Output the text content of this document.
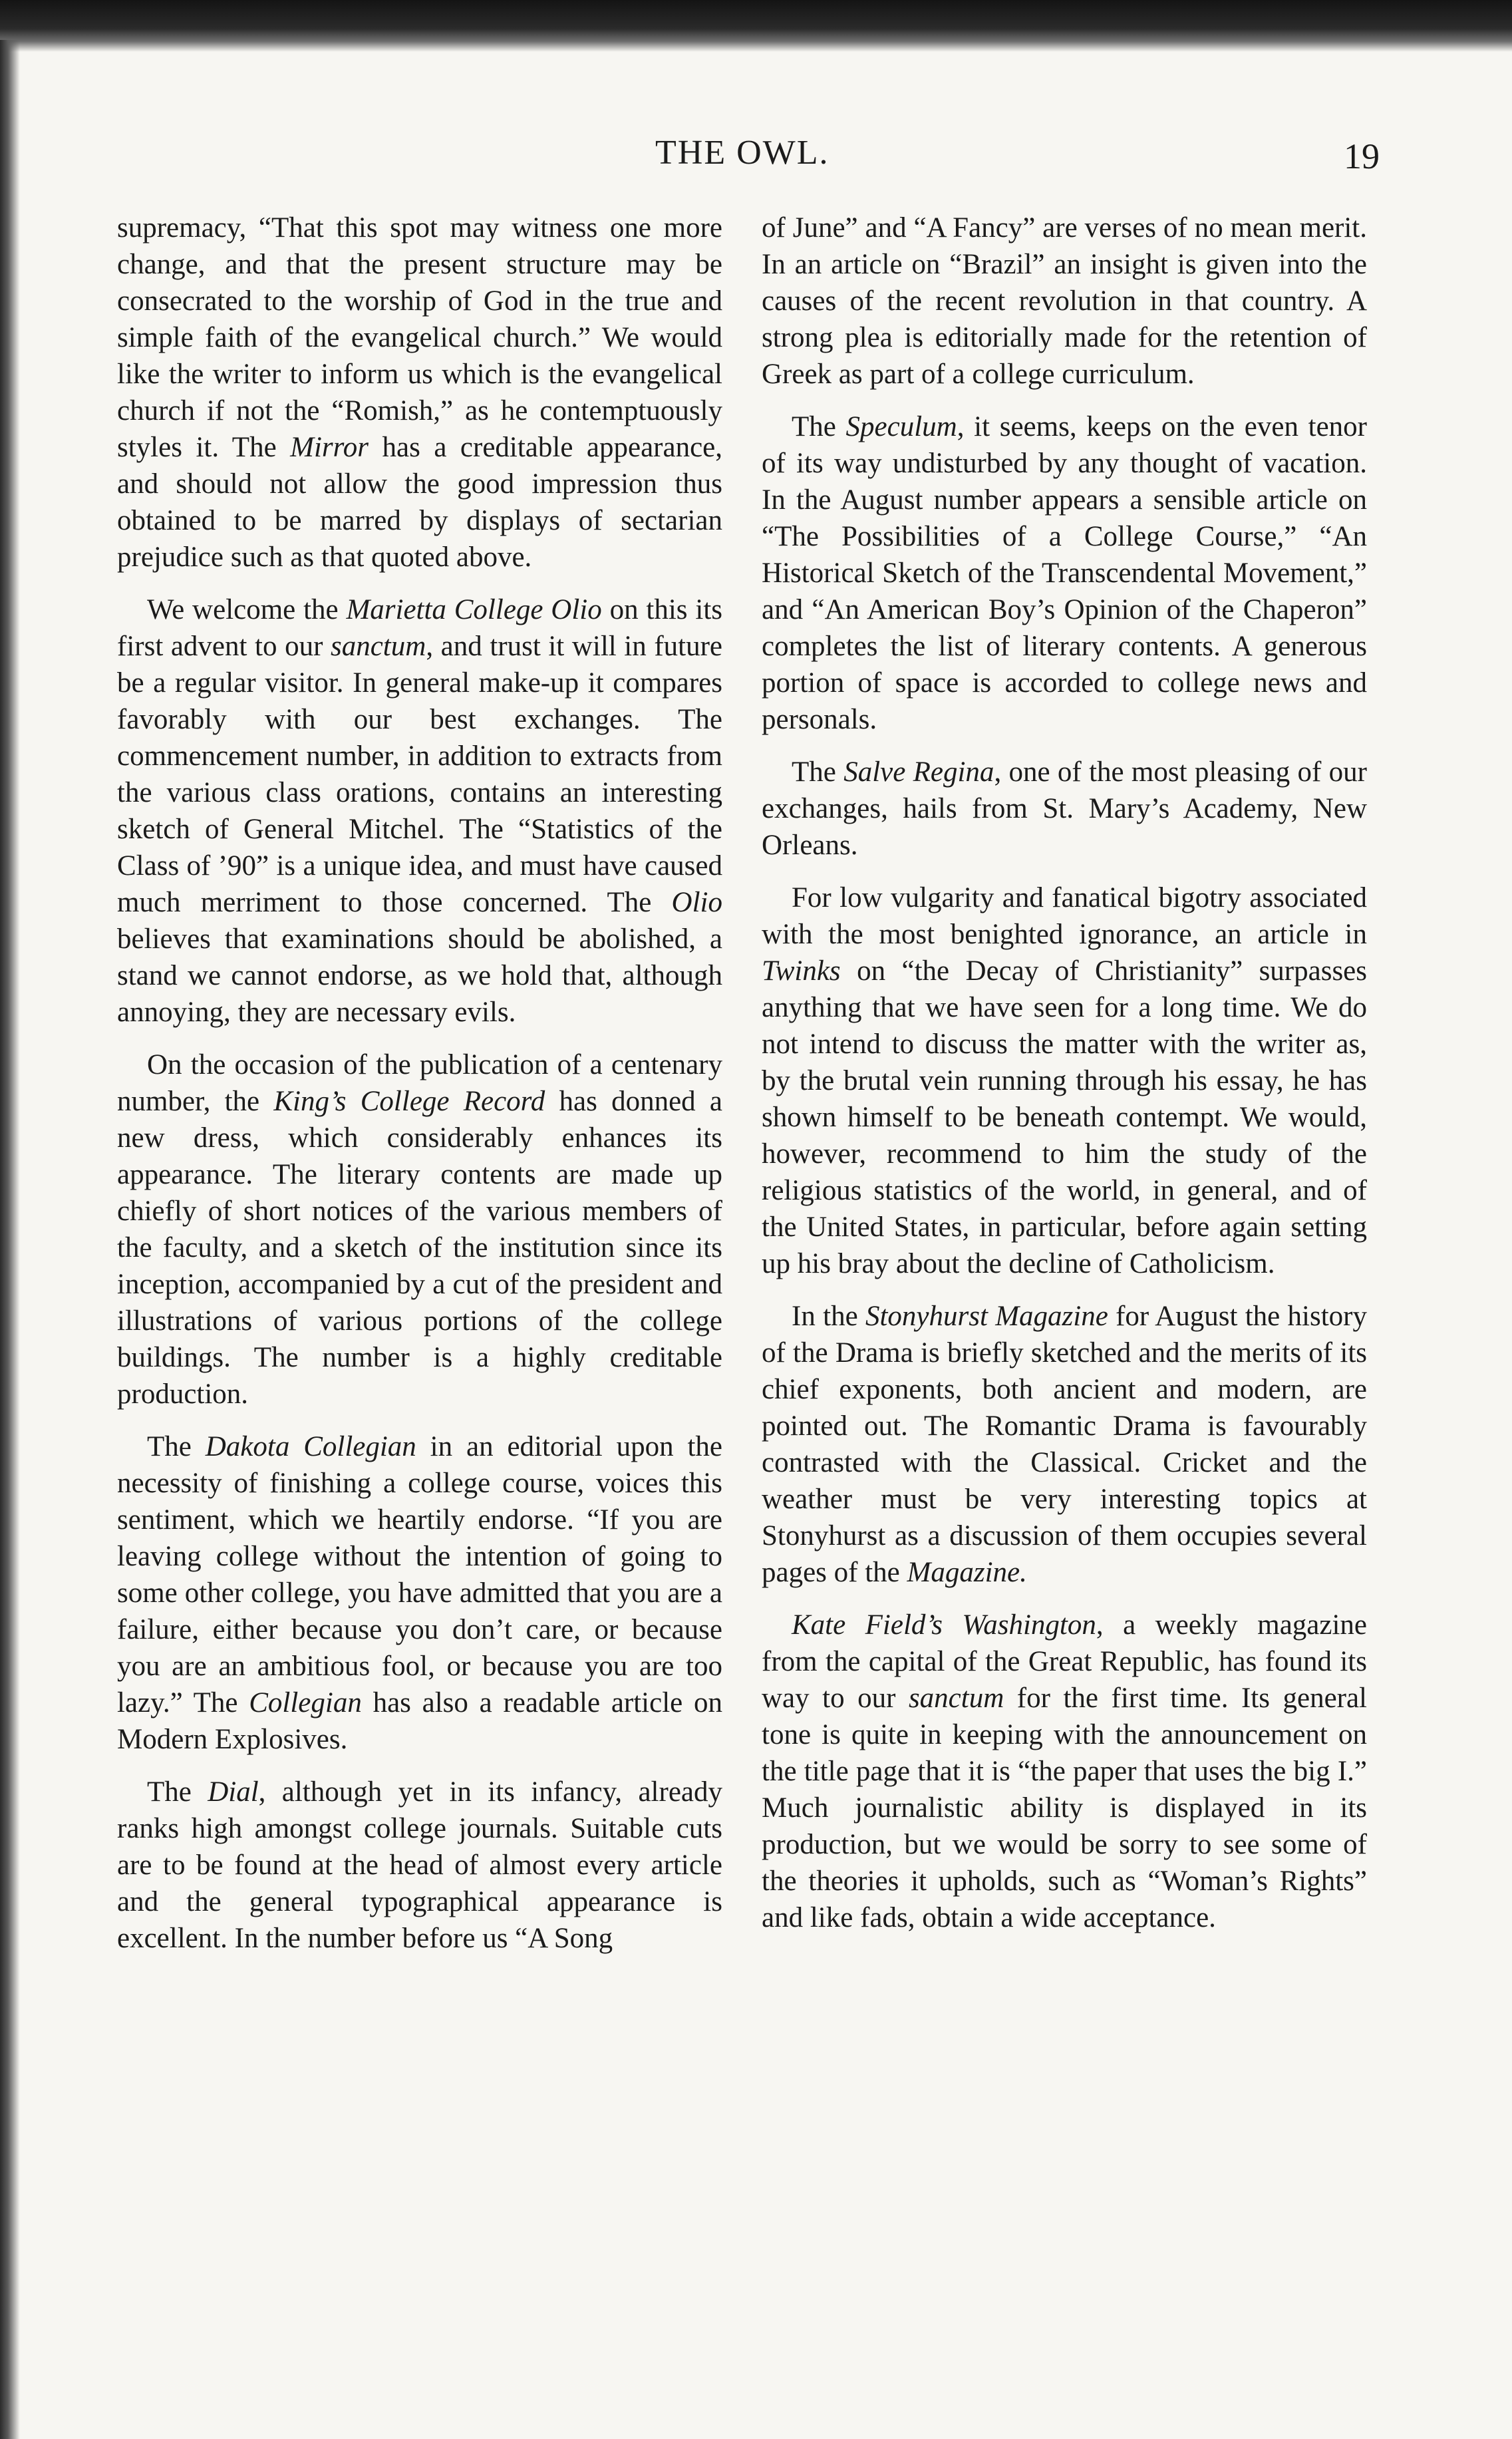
THE OWL.	19

supremacy, “That this spot may witness one more change, and that the present structure may be consecrated to the worship of God in the true and simple faith of the evangelical church.” We would like the writer to inform us which is the evangelical church if not the “Romish,” as he contemptuously styles it. The Mirror has a creditable appearance, and should not allow the good impression thus obtained to be marred by displays of sectarian prejudice such as that quoted above.

We welcome the Marietta College Olio on this its first advent to our sanctum, and trust it will in future be a regular visitor. In general make-up it compares favorably with our best exchanges. The commencement number, in addition to extracts from the various class orations, contains an interesting sketch of General Mitchel. The “Statistics of the Class of ’90” is a unique idea, and must have caused much merriment to those concerned. The Olio believes that examinations should be abolished, a stand we cannot endorse, as we hold that, although annoying, they are necessary evils.

On the occasion of the publication of a centenary number, the King’s College Record has donned a new dress, which considerably enhances its appearance. The literary contents are made up chiefly of short notices of the various members of the faculty, and a sketch of the institution since its inception, accompanied by a cut of the president and illustrations of various portions of the college buildings. The number is a highly creditable production.

The Dakota Collegian in an editorial upon the necessity of finishing a college course, voices this sentiment, which we heartily endorse. “If you are leaving college without the intention of going to some other college, you have admitted that you are a failure, either because you don’t care, or because you are an ambitious fool, or because you are too lazy.” The Collegian has also a readable article on Modern Explosives.

The Dial, although yet in its infancy, already ranks high amongst college journals. Suitable cuts are to be found at the head of almost every article and the general typographical appearance is excellent. In the number before us “A Song

of June” and “A Fancy” are verses of no mean merit. In an article on “Brazil” an insight is given into the causes of the recent revolution in that country. A strong plea is editorially made for the retention of Greek as part of a college curriculum.

The Speculum, it seems, keeps on the even tenor of its way undisturbed by any thought of vacation. In the August number appears a sensible article on “The Possibilities of a College Course,” “An Historical Sketch of the Transcendental Movement,” and “An American Boy’s Opinion of the Chaperon” completes the list of literary contents. A generous portion of space is accorded to college news and personals.

The Salve Regina, one of the most pleasing of our exchanges, hails from St. Mary’s Academy, New Orleans.

For low vulgarity and fanatical bigotry associated with the most benighted ignorance, an article in Twinks on “the Decay of Christianity” surpasses anything that we have seen for a long time. We do not intend to discuss the matter with the writer as, by the brutal vein running through his essay, he has shown himself to be beneath contempt. We would, however, recommend to him the study of the religious statistics of the world, in general, and of the United States, in particular, before again setting up his bray about the decline of Catholicism.

In the Stonyhurst Magazine for August the history of the Drama is briefly sketched and the merits of its chief exponents, both ancient and modern, are pointed out. The Romantic Drama is favourably contrasted with the Classical. Cricket and the weather must be very interesting topics at Stonyhurst as a discussion of them occupies several pages of the Magazine.

Kate Field’s Washington, a weekly magazine from the capital of the Great Republic, has found its way to our sanctum for the first time. Its general tone is quite in keeping with the announcement on the title page that it is “the paper that uses the big I.” Much journalistic ability is displayed in its production, but we would be sorry to see some of the theories it upholds, such as “Woman’s Rights” and like fads, obtain a wide acceptance.
